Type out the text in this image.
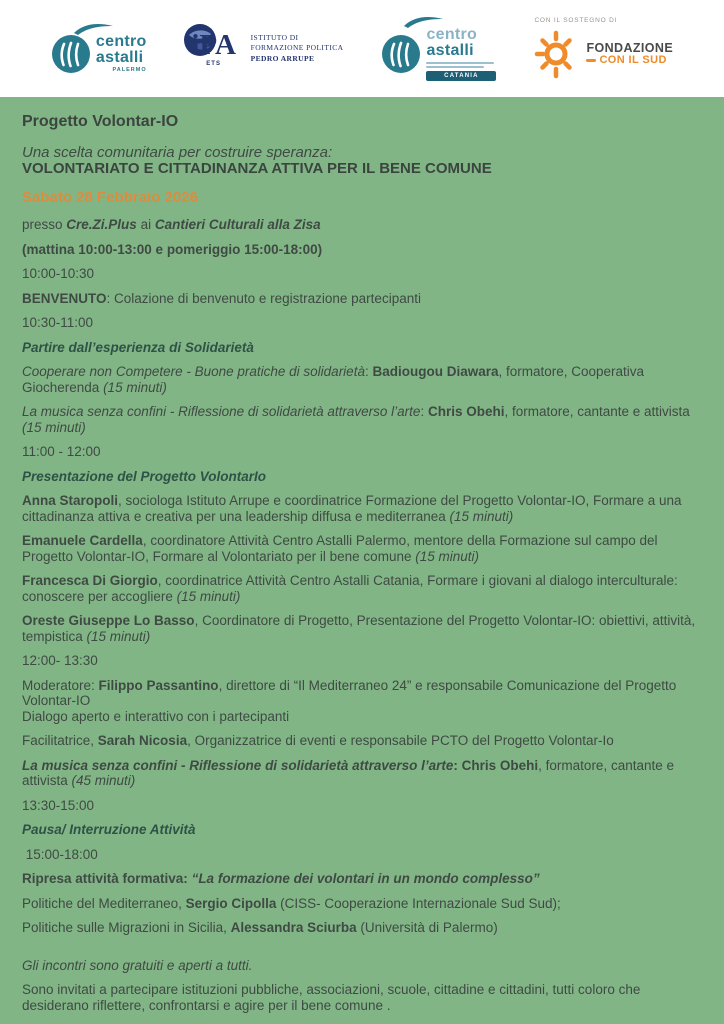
centro
astalli
PALERMO
iPA
ETS
ISTITUTO DI
FORMAZIONE POLITICA
PEDRO ARRUPE
centro
astalli
CATANIA
CON IL SOSTEGNO DI
FONDAZIONE
CON IL SUD

Progetto Volontar-IO

Una scelta comunitaria per costruire speranza:

VOLONTARIATO E CITTADINANZA ATTIVA PER IL BENE COMUNE

Sabato 28 Febbraio 2026

presso Cre.Zi.Plus ai Cantieri Culturali alla Zisa

(mattina 10:00-13:00 e pomeriggio 15:00-18:00)

10:00-10:30

BENVENUTO: Colazione di benvenuto e registrazione partecipanti

10:30-11:00

Partire dall’esperienza di Solidarietà

Cooperare non Competere - Buone pratiche di solidarietà: Badiougou Diawara, formatore, Cooperativa Giocherenda (15 minuti)

La musica senza confini - Riflessione di solidarietà attraverso l’arte: Chris Obehi, formatore, cantante e attivista (15 minuti)

11:00 - 12:00

Presentazione del Progetto VolontarIo

Anna Staropoli, sociologa Istituto Arrupe e coordinatrice Formazione del Progetto Volontar-IO, Formare a una cittadinanza attiva e creativa per una leadership diffusa e mediterranea (15 minuti)

Emanuele Cardella, coordinatore Attività Centro Astalli Palermo, mentore della Formazione sul campo del Progetto Volontar-IO, Formare al Volontariato per il bene comune (15 minuti)

Francesca Di Giorgio, coordinatrice Attività Centro Astalli Catania, Formare i giovani al dialogo interculturale: conoscere per accogliere (15 minuti)

Oreste Giuseppe Lo Basso, Coordinatore di Progetto, Presentazione del Progetto Volontar-IO: obiettivi, attività, tempistica (15 minuti)

12:00- 13:30

Moderatore: Filippo Passantino, direttore di “Il Mediterraneo 24” e responsabile Comunicazione del Progetto Volontar-IO
Dialogo aperto e interattivo con i partecipanti

Facilitatrice, Sarah Nicosia, Organizzatrice di eventi e responsabile PCTO del Progetto Volontar-Io

La musica senza confini - Riflessione di solidarietà attraverso l’arte: Chris Obehi, formatore, cantante e attivista (45 minuti)

13:30-15:00

Pausa/ Interruzione Attività

15:00-18:00

Ripresa attività formativa: “La formazione dei volontari in un mondo complesso”

Politiche del Mediterraneo, Sergio Cipolla (CISS- Cooperazione Internazionale Sud Sud);

Politiche sulle Migrazioni in Sicilia, Alessandra Sciurba (Università di Palermo)

Gli incontri sono gratuiti e aperti a tutti.

Sono invitati a partecipare istituzioni pubbliche, associazioni, scuole, cittadine e cittadini, tutti coloro che desiderano riflettere, confrontarsi e agire per il bene comune .
